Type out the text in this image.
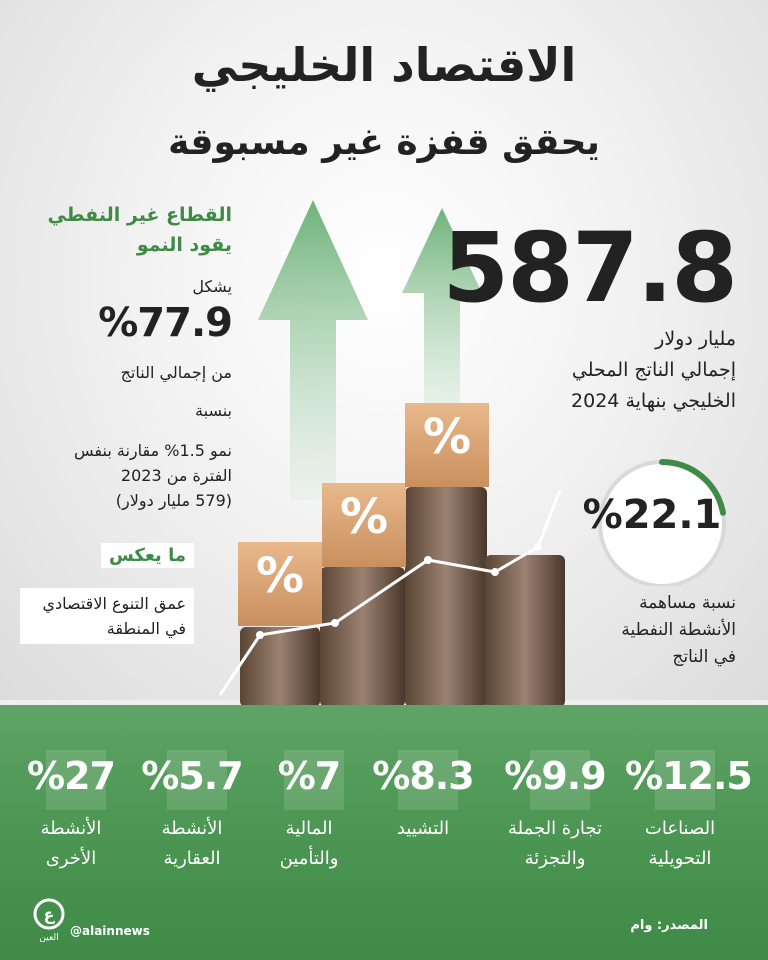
الاقتصاد الخليجي
يحقق قفزة غير مسبوقة
القطاع غير النفطي
يقود النمو
يشكل
%77.9
من إجمالي الناتج
بنسبة
نمو 1.5% مقارنة بنفس
الفترة من 2023
(579 مليار دولار)
ما يعكس
عمق التنوع الاقتصادي
في المنطقة
587.8
مليار دولار
إجمالي الناتج المحلي
الخليجي بنهاية 2024
%22.1
نسبة مساهمة
الأنشطة النفطية
في الناتج
%
%
%
%12.5
الصناعات
التحويلية
%9.9
تجارة الجملة
والتجزئة
%8.3
التشييد
%7
المالية
والتأمين
%5.7
الأنشطة
العقارية
%27
الأنشطة
الأخرى
ع
العين @alainnews	المصدر: وام
